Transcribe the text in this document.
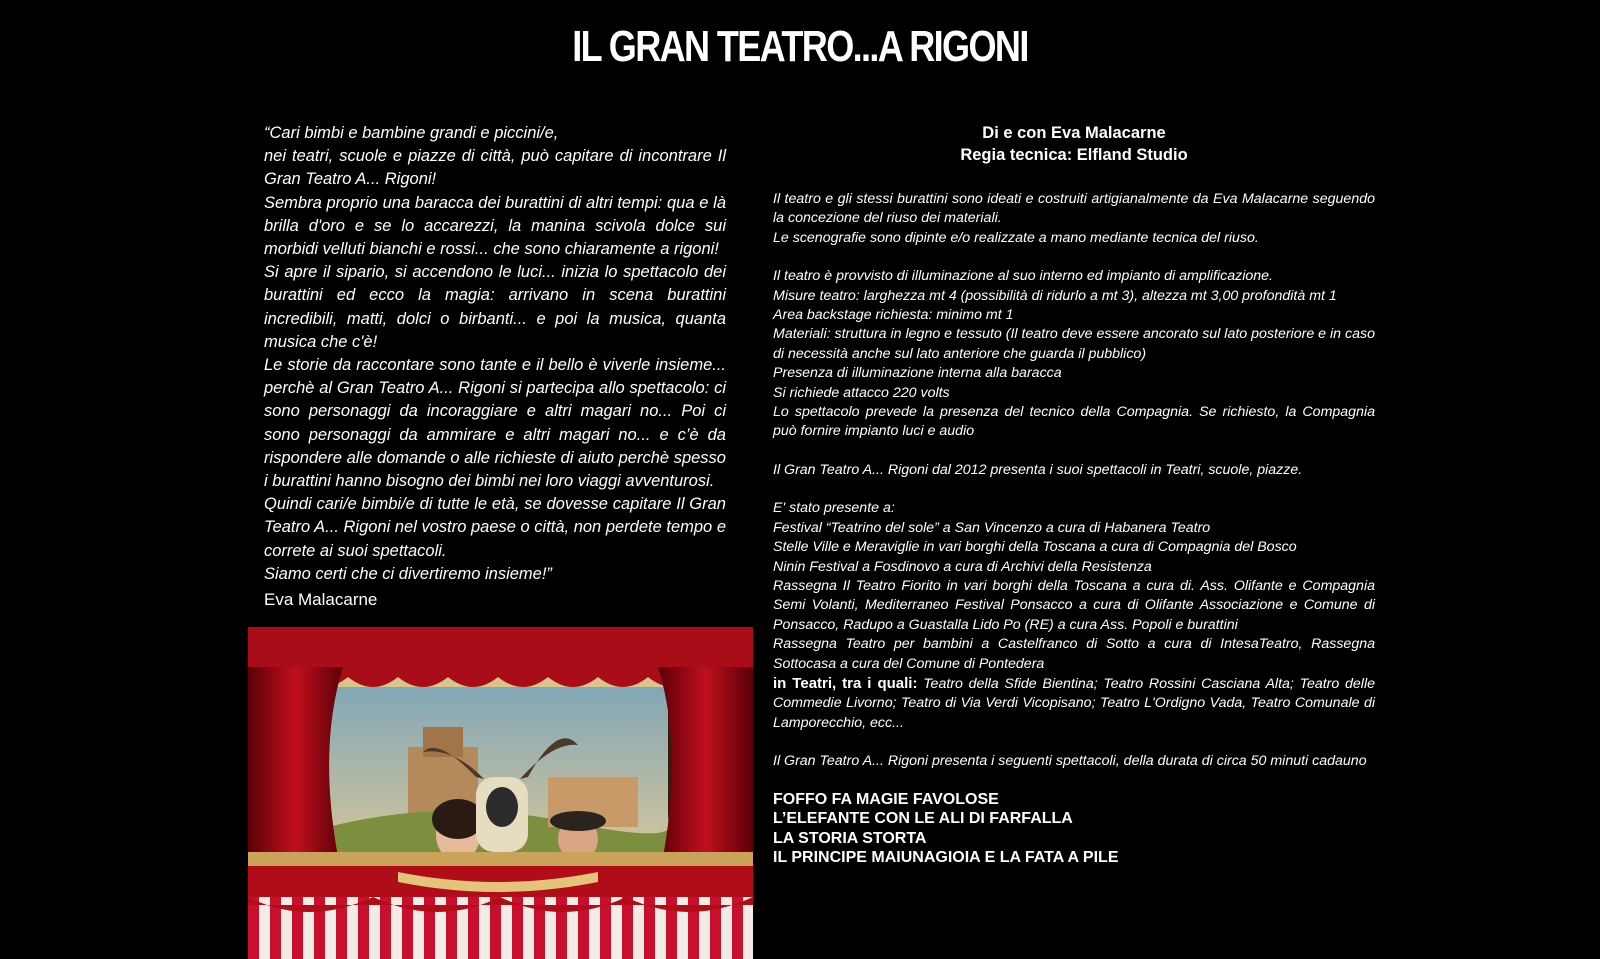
IL GRAN TEATRO...A RIGONI

“Cari bimbi e bambine grandi e piccini/e,

nei teatri, scuole e piazze di città, può capitare di incontrare Il Gran Teatro A... Rigoni!

Sembra proprio una baracca dei burattini di altri tempi: qua e là brilla d'oro e se lo accarezzi, la manina scivola dolce sui morbidi velluti bianchi e rossi... che sono chiaramente a rigoni!

Si apre il sipario, si accendono le luci... inizia lo spettacolo dei burattini ed ecco la magia: arrivano in scena burattini incredibili, matti, dolci o birbanti... e poi la musica, quanta musica che c'è!

Le storie da raccontare sono tante e il bello è viverle insieme... perchè al Gran Teatro A... Rigoni si partecipa allo spettacolo: ci sono personaggi da incoraggiare e altri magari no... Poi ci sono personaggi da ammirare e altri magari no... e c’è da rispondere alle domande o alle richieste di aiuto perchè spesso i burattini hanno bisogno dei bimbi nei loro viaggi avventurosi.

Quindi cari/e bimbi/e di tutte le età, se dovesse capitare Il Gran Teatro A... Rigoni nel vostro paese o città, non perdete tempo e correte ai suoi spettacoli.

Siamo certi che ci divertiremo insieme!”

Eva Malacarne
Di e con Eva Malacarne
Regia tecnica: Elfland Studio

Il teatro e gli stessi burattini sono ideati e costruiti artigianalmente da Eva Malacarne seguendo la concezione del riuso dei materiali.

Le scenografie sono dipinte e/o realizzate a mano mediante tecnica del riuso.

Il teatro è provvisto di illuminazione al suo interno ed impianto di amplificazione.

Misure teatro: larghezza mt 4 (possibilità di ridurlo a mt 3), altezza mt 3,00 profondità mt 1

Area backstage richiesta: minimo mt 1

Materiali: struttura in legno e tessuto (Il teatro deve essere ancorato sul lato posteriore e in caso di necessità anche sul lato anteriore che guarda il pubblico)

Presenza di illuminazione interna alla baracca

Si richiede attacco 220 volts

Lo spettacolo prevede la presenza del tecnico della Compagnia. Se richiesto, la Compagnia può fornire impianto luci e audio

Il Gran Teatro A... Rigoni dal 2012 presenta i suoi spettacoli in Teatri, scuole, piazze.

E' stato presente a:

Festival “Teatrino del sole” a San Vincenzo a cura di Habanera Teatro

Stelle Ville e Meraviglie in vari borghi della Toscana a cura di Compagnia del Bosco

Ninin Festival a Fosdinovo a cura di Archivi della Resistenza

Rassegna Il Teatro Fiorito in vari borghi della Toscana a cura di. Ass. Olifante e Compagnia Semi Volanti, Mediterraneo Festival Ponsacco a cura di Olifante Associazione e Comune di Ponsacco, Radupo a Guastalla Lido Po (RE) a cura Ass. Popoli e burattini

Rassegna Teatro per bambini a Castelfranco di Sotto a cura di IntesaTeatro, Rassegna Sottocasa a cura del Comune di Pontedera

in Teatri, tra i quali: Teatro della Sfide Bientina; Teatro Rossini Casciana Alta; Teatro delle Commedie Livorno; Teatro di Via Verdi Vicopisano; Teatro L'Ordigno Vada, Teatro Comunale di Lamporecchio, ecc...

Il Gran Teatro A... Rigoni presenta i seguenti spettacoli, della durata di circa 50 minuti cadauno

FOFFO FA MAGIE FAVOLOSE
L’ELEFANTE CON LE ALI DI FARFALLA
LA STORIA STORTA
IL PRINCIPE MAIUNAGIOIA E LA FATA A PILE
